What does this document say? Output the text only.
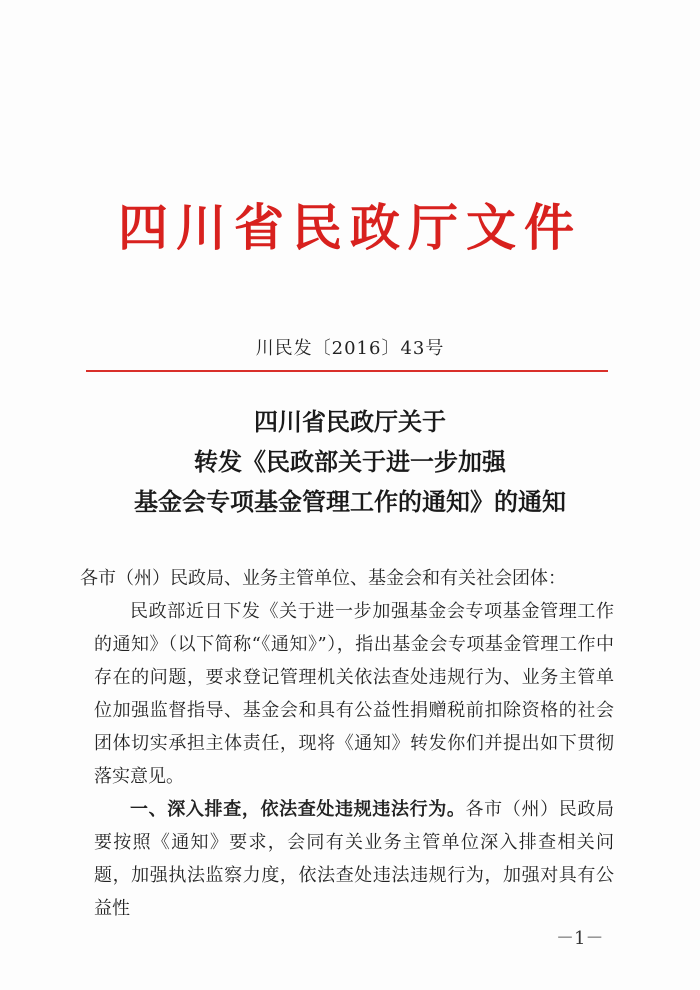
四川省民政厅文件
川民发〔2016〕43号
四川省民政厅关于
转发《民政部关于进一步加强
基金会专项基金管理工作的通知》的通知

各市（州）民政局、业务主管单位、基金会和有关社会团体：

民政部近日下发《关于进一步加强基金会专项基金管理工作的通知》（以下简称“《通知》”），指出基金会专项基金管理工作中存在的问题，要求登记管理机关依法查处违规行为、业务主管单位加强监督指导、基金会和具有公益性捐赠税前扣除资格的社会团体切实承担主体责任，现将《通知》转发你们并提出如下贯彻落实意见。

一、深入排查，依法查处违规违法行为。各市（州）民政局要按照《通知》要求，会同有关业务主管单位深入排查相关问题，加强执法监察力度，依法查处违法违规行为，加强对具有公益性

－1－
